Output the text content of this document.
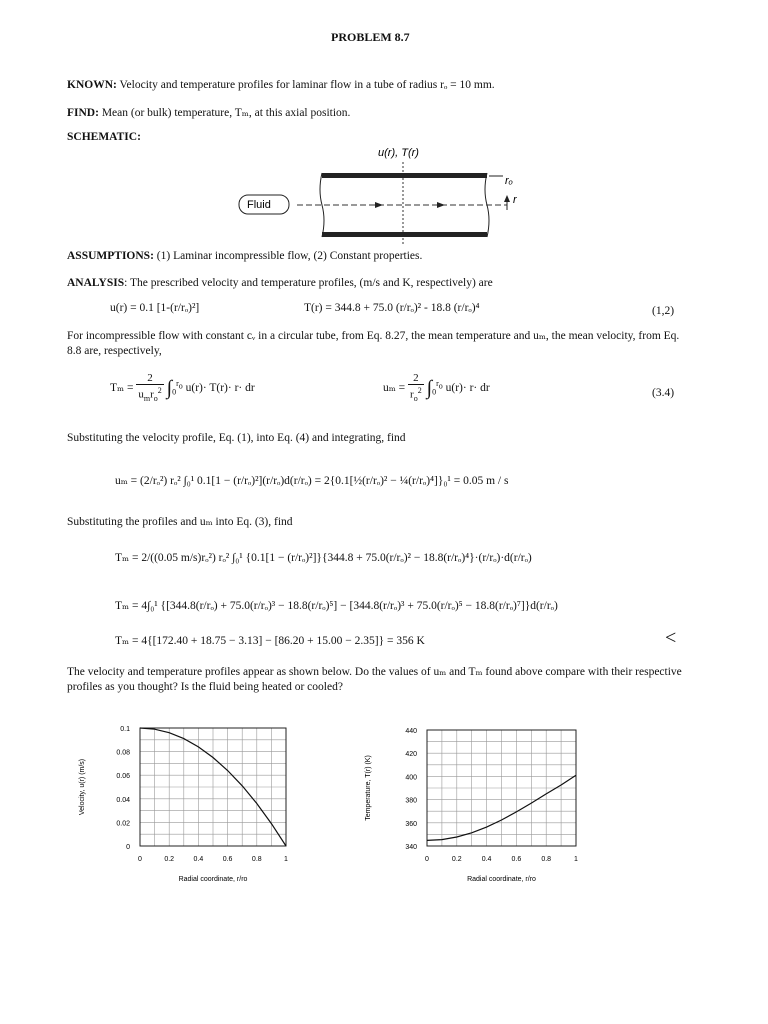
PROBLEM 8.7
KNOWN: Velocity and temperature profiles for laminar flow in a tube of radius rₒ = 10 mm.
FIND: Mean (or bulk) temperature, Tₘ, at this axial position.
SCHEMATIC:
u(r), T(r)
Fluid
rₒ
r
ASSUMPTIONS: (1) Laminar incompressible flow, (2) Constant properties.
ANALYSIS: The prescribed velocity and temperature profiles, (m/s and K, respectively) are
u(r) = 0.1 [1-(r/rₒ)²]	T(r) = 344.8 + 75.0 (r/rₒ)² - 18.8 (r/rₒ)⁴	(1,2)
For incompressible flow with constant cᵥ in a circular tube, from Eq. 8.27, the mean temperature and uₘ, the mean velocity, from Eq. 8.8 are, respectively,
$T_m = \frac{2}{u_mr_o^2} \int_0^{r_o}$ u(r)· T(r)· r· dr	$u_m = \frac{2}{r_o^2} \int_0^{r_o}$ u(r)· r· dr	(3.4)
Substituting the velocity profile, Eq. (1), into Eq. (4) and integrating, find
uₘ = (2/rₒ²) rₒ² ∫₀¹ 0.1[1 − (r/rₒ)²](r/rₒ)d(r/rₒ) = 2{0.1[½(r/rₒ)² − ¼(r/rₒ)⁴]}₀¹ = 0.05 m / s
Substituting the profiles and uₘ into Eq. (3), find
Tₘ = 2/((0.05 m/s)rₒ²) rₒ² ∫₀¹ {0.1[1 − (r/rₒ)²]}{344.8 + 75.0(r/rₒ)² − 18.8(r/rₒ)⁴}·(r/rₒ)·d(r/rₒ)
Tₘ = 4∫₀¹ {[344.8(r/rₒ) + 75.0(r/rₒ)³ − 18.8(r/rₒ)⁵] − [344.8(r/rₒ)³ + 75.0(r/rₒ)⁵ − 18.8(r/rₒ)⁷]}d(r/rₒ)
Tₘ = 4{[172.40 + 18.75 − 3.13] − [86.20 + 15.00 − 2.35]} = 356 K	<
The velocity and temperature profiles appear as shown below. Do the values of uₘ and Tₘ found above compare with their respective profiles as you thought? Is the fluid being heated or cooled?
0	0.2	0.4	0.6	0.8	1
0
0.02
0.04
0.06
0.08
0.1
Radial coordinate, r/ro
Velocity, u(r) (m/s)
0	0.2	0.4	0.6	0.8	1
340
360
380
400
420
440
Radial coordinate, r/ro
Temperature, T(r) (K)
